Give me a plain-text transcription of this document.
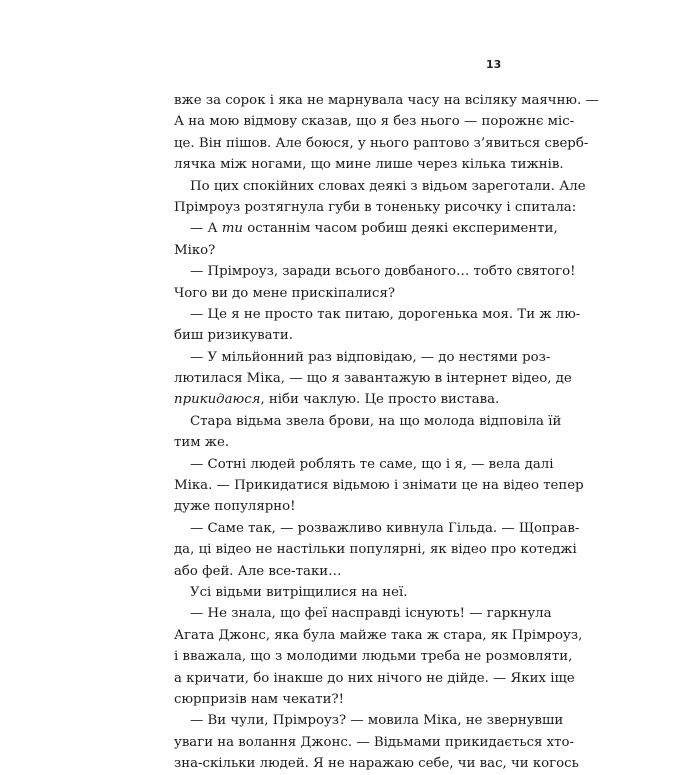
13
вже за сорок і яка не марнувала часу на всіляку маячню. —
А на мою відмову сказав, що я без нього — порожнє міс-
це. Він пішов. Але боюся, у нього раптово з’явиться сверб-
лячка між ногами, що мине лише через кілька тижнів.
По цих спокійних словах деякі з відьом зареготали. Але
Прімроуз розтягнула губи в тоненьку рисочку і спитала:
— А ти останнім часом робиш деякі експерименти,
Міко?
— Прімроуз, заради всього довбаного… тобто святого!
Чого ви до мене прискіпалися?
— Це я не просто так питаю, дорогенька моя. Ти ж лю-
биш ризикувати.
— У мільйонний раз відповідаю, — до нестями роз-
лютилася Міка, — що я завантажую в інтернет відео, де
прикидаюся, ніби чаклую. Це просто вистава.
Стара відьма звела брови, на що молода відповіла їй
тим же.
— Сотні людей роблять те саме, що і я, — вела далі
Міка. — Прикидатися відьмою і знімати це на відео тепер
дуже популярно!
— Саме так, — розважливо кивнула Гільда. — Щоправ-
да, ці відео не настільки популярні, як відео про котеджі
або фей. Але все-таки…
Усі відьми витріщилися на неї.
— Не знала, що феї насправді існують! — гаркнула
Агата Джонс, яка була майже така ж стара, як Прімроуз,
і вважала, що з молодими людьми треба не розмовляти,
а кричати, бо інакше до них нічого не дійде. — Яких іще
сюрпризів нам чекати?!
— Ви чули, Прімроуз? — мовила Міка, не звернувши
уваги на волання Джонс. — Відьмами прикидається хто-
зна-скільки людей. Я не наражаю себе, чи вас, чи когось
